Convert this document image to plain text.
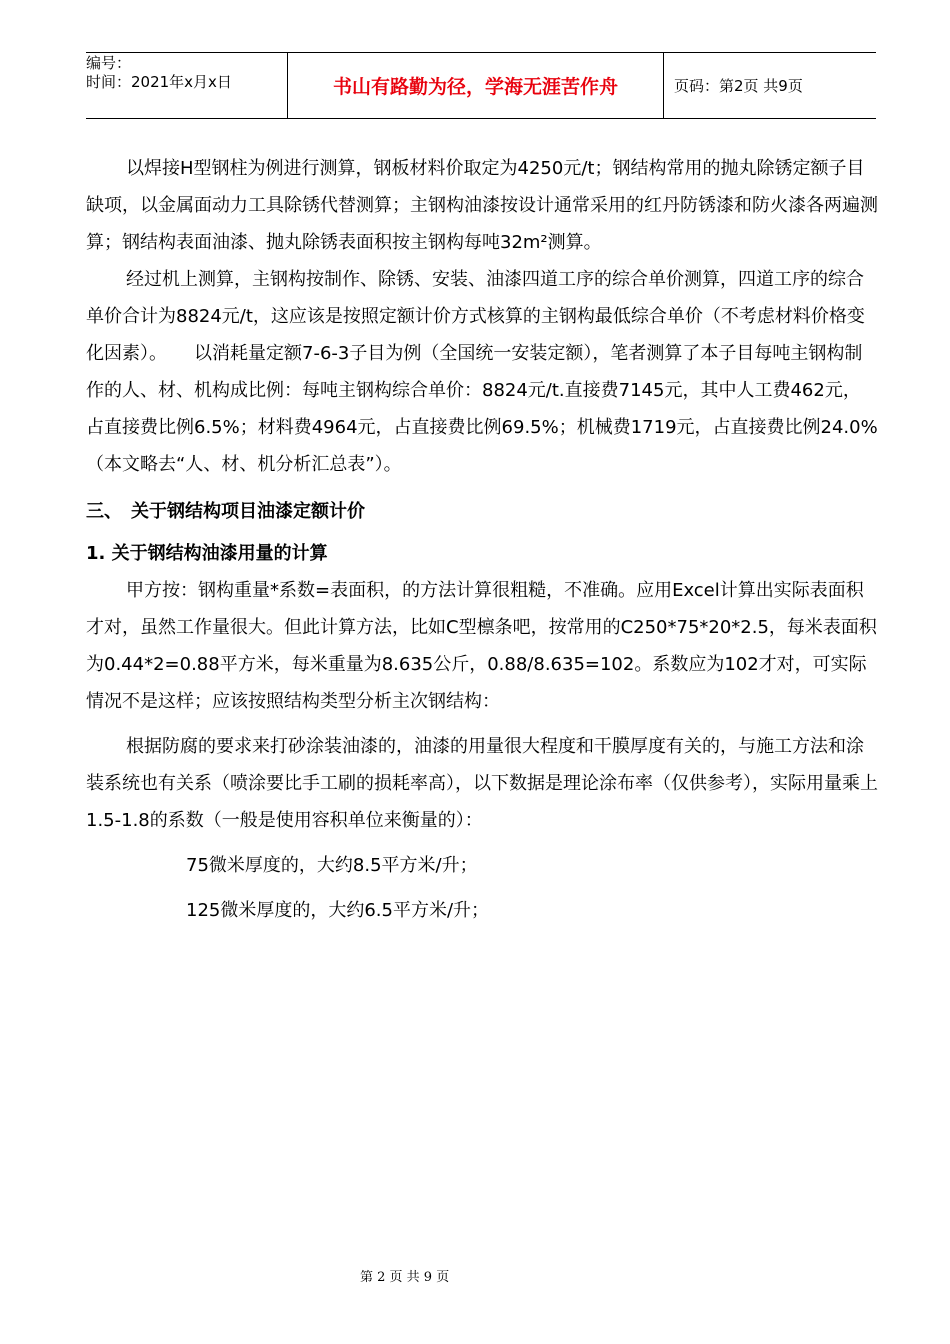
编号：
时间：2021年x月x日	书山有路勤为径，学海无涯苦作舟	页码：第2页 共9页

以焊接H型钢柱为例进行测算，钢板材料价取定为4250元/t；钢结构常用的抛丸除锈定额子目缺项，以金属面动力工具除锈代替测算；主钢构油漆按设计通常采用的红丹防锈漆和防火漆各两遍测算；钢结构表面油漆、抛丸除锈表面积按主钢构每吨32m²测算。

经过机上测算，主钢构按制作、除锈、安装、油漆四道工序的综合单价测算，四道工序的综合单价合计为8824元/t，这应该是按照定额计价方式核算的主钢构最低综合单价（不考虑材料价格变化因素）。　　以消耗量定额7-6-3子目为例（全国统一安装定额），笔者测算了本子目每吨主钢构制作的人、材、机构成比例：每吨主钢构综合单价：8824元/t.直接费7145元，其中人工费462元，占直接费比例6.5%；材料费4964元，占直接费比例69.5%；机械费1719元，占直接费比例24.0%（本文略去“人、材、机分析汇总表”）。

三、　关于钢结构项目油漆定额计价

1. 关于钢结构油漆用量的计算

甲方按：钢构重量*系数=表面积，的方法计算很粗糙，不准确。应用Excel计算出实际表面积才对，虽然工作量很大。但此计算方法，比如C型檩条吧，按常用的C250*75*20*2.5，每米表面积为0.44*2=0.88平方米，每米重量为8.635公斤，0.88/8.635=102。系数应为102才对，可实际情况不是这样；应该按照结构类型分析主次钢结构：

根据防腐的要求来打砂涂装油漆的，油漆的用量很大程度和干膜厚度有关的，与施工方法和涂装系统也有关系（喷涂要比手工刷的损耗率高），以下数据是理论涂布率（仅供参考），实际用量乘上1.5-1.8的系数（一般是使用容积单位来衡量的）：

75微米厚度的，大约8.5平方米/升；

125微米厚度的，大约6.5平方米/升；

第 2 页 共 9 页
